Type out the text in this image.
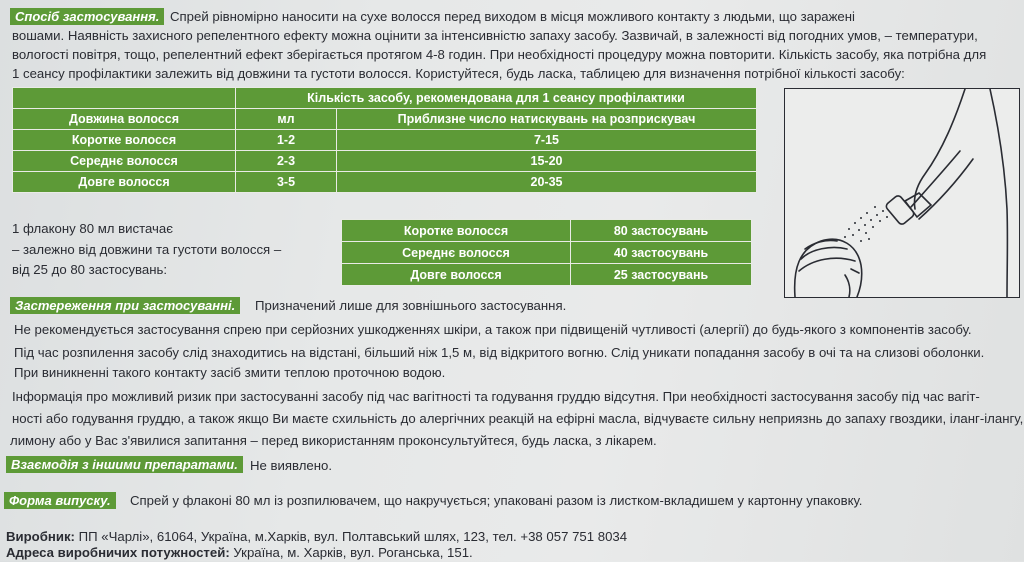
Спосіб застосування. Спрей рівномірно наносити на сухе волосся перед виходом в місця можливого контакту з людьми, що заражені
вошами. Наявність захисного репелентного ефекту можна оцінити за інтенсивністю запаху засобу. Зазвичай, в залежності від погодних умов, – температури,
вологості повітря, тощо, репелентний ефект зберігається протягом 4-8 годин. При необхідності процедуру можна повторити. Кількість засобу, яка потрібна для
1 сеансу профілактики залежить від довжини та густоти волосся. Користуйтеся, будь ласка, таблицею для визначення потрібної кількості засобу:
	Кількість засобу, рекомендована для 1 сеансу профілактики	
Довжина волосся	мл	Приблизне число натискувань на розприскувач
Коротке волосся	1-2	7-15
Середнє волосся	2-3	15-20
Довге волосся	3-5	20-35
1 флакону 80 мл вистачає
– залежно від довжини та густоти волосся –
від 25 до 80 застосувань:
Коротке волосся	80 застосувань
Середнє волосся	40 застосувань
Довге волосся	25 застосувань
Застереження при застосуванні.	Призначений лише для зовнішнього застосування.
Не рекомендується застосування спрею при серйозних ушкодженнях шкіри, а також при підвищеній чутливості (алергії) до будь-якого з компонентів засобу.
Під час розпилення засобу слід знаходитись на відстані, більший ніж 1,5 м, від відкритого вогню. Слід уникати попадання засобу в очі та на слизові оболонки.
При виникненні такого контакту засіб змити теплою проточною водою.
Інформація про можливий ризик при застосуванні засобу під час вагітності та годування груддю відсутня. При необхідності застосування засобу під час вагіт-
ності або годування груддю, а також якщо Ви маєте схильність до алергічних реакцій на ефірні масла, відчуваєте сильну неприязнь до запаху гвоздики, іланг-ілангу,
лимону або у Вас з'явилися запитання – перед використанням проконсультуйтеся, будь ласка, з лікарем.
Взаємодія з іншими препаратами. Не виявлено.
Форма випуску.	Спрей у флаконі 80 мл із розпилювачем, що накручується; упаковані разом із листком-вкладишем у картонну упаковку.
Виробник: ПП «Чарлі», 61064, Україна, м.Харків, вул. Полтавський шлях, 123, тел. +38 057 751 8034
Адреса виробничих потужностей: Україна, м. Харків, вул. Роганська, 151.
